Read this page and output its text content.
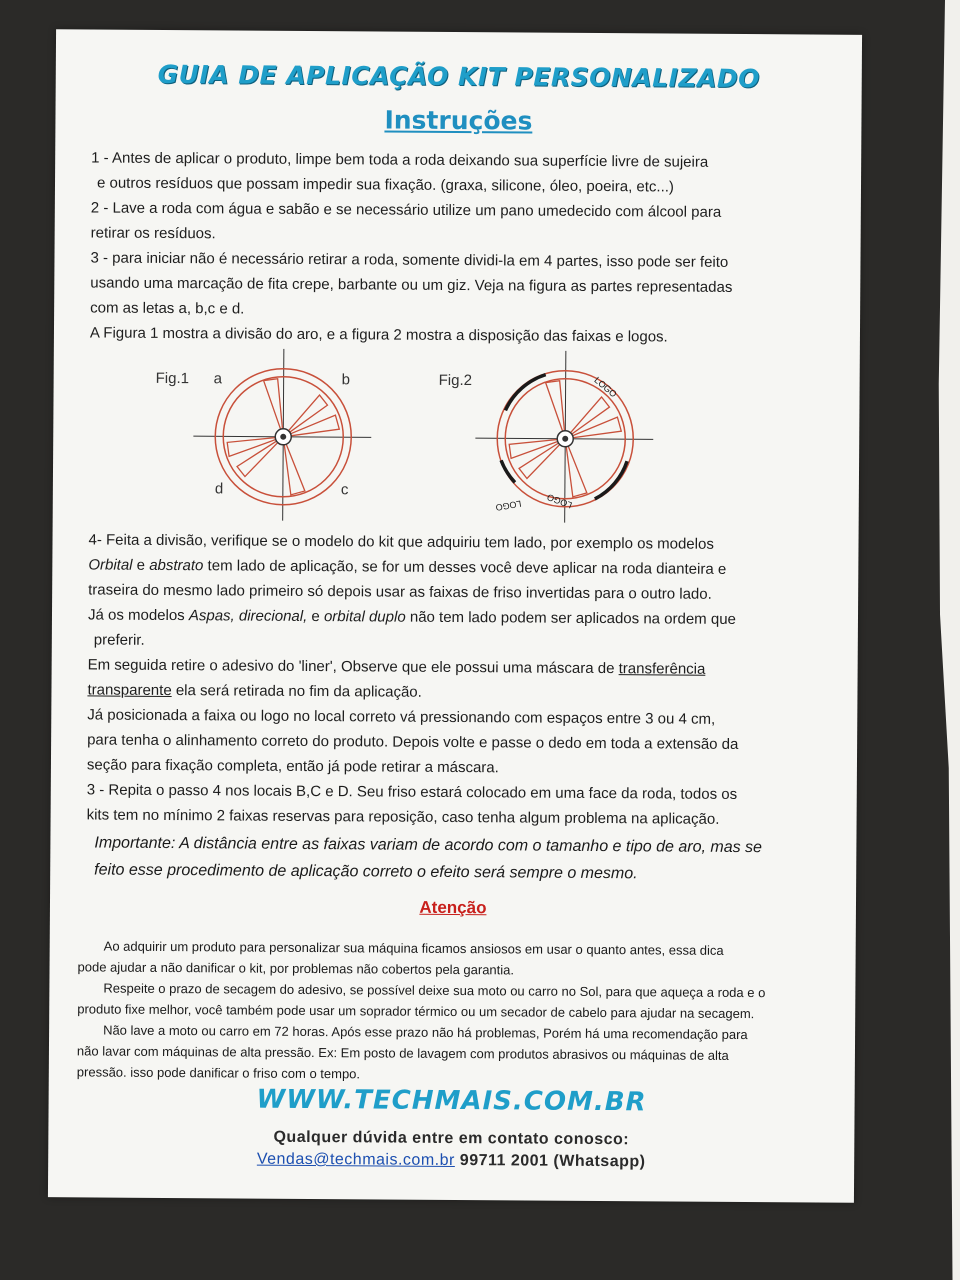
GUIA DE APLICAÇÃO KIT PERSONALIZADO
Instruções
1 - Antes de aplicar o produto, limpe bem toda a roda deixando sua superfície livre de sujeira
e outros resíduos que possam impedir sua fixação. (graxa, silicone, óleo, poeira, etc...)
2 - Lave a roda com água e sabão e se necessário utilize um pano umedecido com álcool para
retirar os resíduos.
3 - para iniciar não é necessário retirar a roda, somente dividi-la em 4 partes, isso pode ser feito
usando uma marcação de fita crepe, barbante ou um giz. Veja na figura as partes representadas
com as letas a, b,c e d.
A Figura 1 mostra a divisão do aro, e a figura 2 mostra a disposição das faixas e logos.
Fig.1 a	b
d	c
Fig.2	LOGO
LOGO
LOGO
4- Feita a divisão, verifique se o modelo do kit que adquiriu tem lado, por exemplo os modelos
Orbital e abstrato tem lado de aplicação, se for um desses você deve aplicar na roda dianteira e
traseira do mesmo lado primeiro só depois usar as faixas de friso invertidas para o outro lado.
Já os modelos Aspas, direcional, e orbital duplo não tem lado podem ser aplicados na ordem que
preferir.
Em seguida retire o adesivo do 'liner', Observe que ele possui uma máscara de transferência
transparente ela será retirada no fim da aplicação.
Já posicionada a faixa ou logo no local correto vá pressionando com espaços entre 3 ou 4 cm,
para tenha o alinhamento correto do produto. Depois volte e passe o dedo em toda a extensão da
seção para fixação completa, então já pode retirar a máscara.
3 - Repita o passo 4 nos locais B,C e D. Seu friso estará colocado em uma face da roda, todos os
kits tem no mínimo 2 faixas reservas para reposição, caso tenha algum problema na aplicação.
Importante: A distância entre as faixas variam de acordo com o tamanho e tipo de aro, mas se
feito esse procedimento de aplicação correto o efeito será sempre o mesmo.
Atenção
Ao adquirir um produto para personalizar sua máquina ficamos ansiosos em usar o quanto antes, essa dica
pode ajudar a não danificar o kit, por problemas não cobertos pela garantia.
Respeite o prazo de secagem do adesivo, se possível deixe sua moto ou carro no Sol, para que aqueça a roda e o
produto fixe melhor, você também pode usar um soprador térmico ou um secador de cabelo para ajudar na secagem.
Não lave a moto ou carro em 72 horas. Após esse prazo não há problemas, Porém há uma recomendação para
não lavar com máquinas de alta pressão. Ex: Em posto de lavagem com produtos abrasivos ou máquinas de alta
pressão. isso pode danificar o friso com o tempo.
WWW.TECHMAIS.COM.BR
Qualquer dúvida entre em contato conosco:
Vendas@techmais.com.br 99711 2001 (Whatsapp)
